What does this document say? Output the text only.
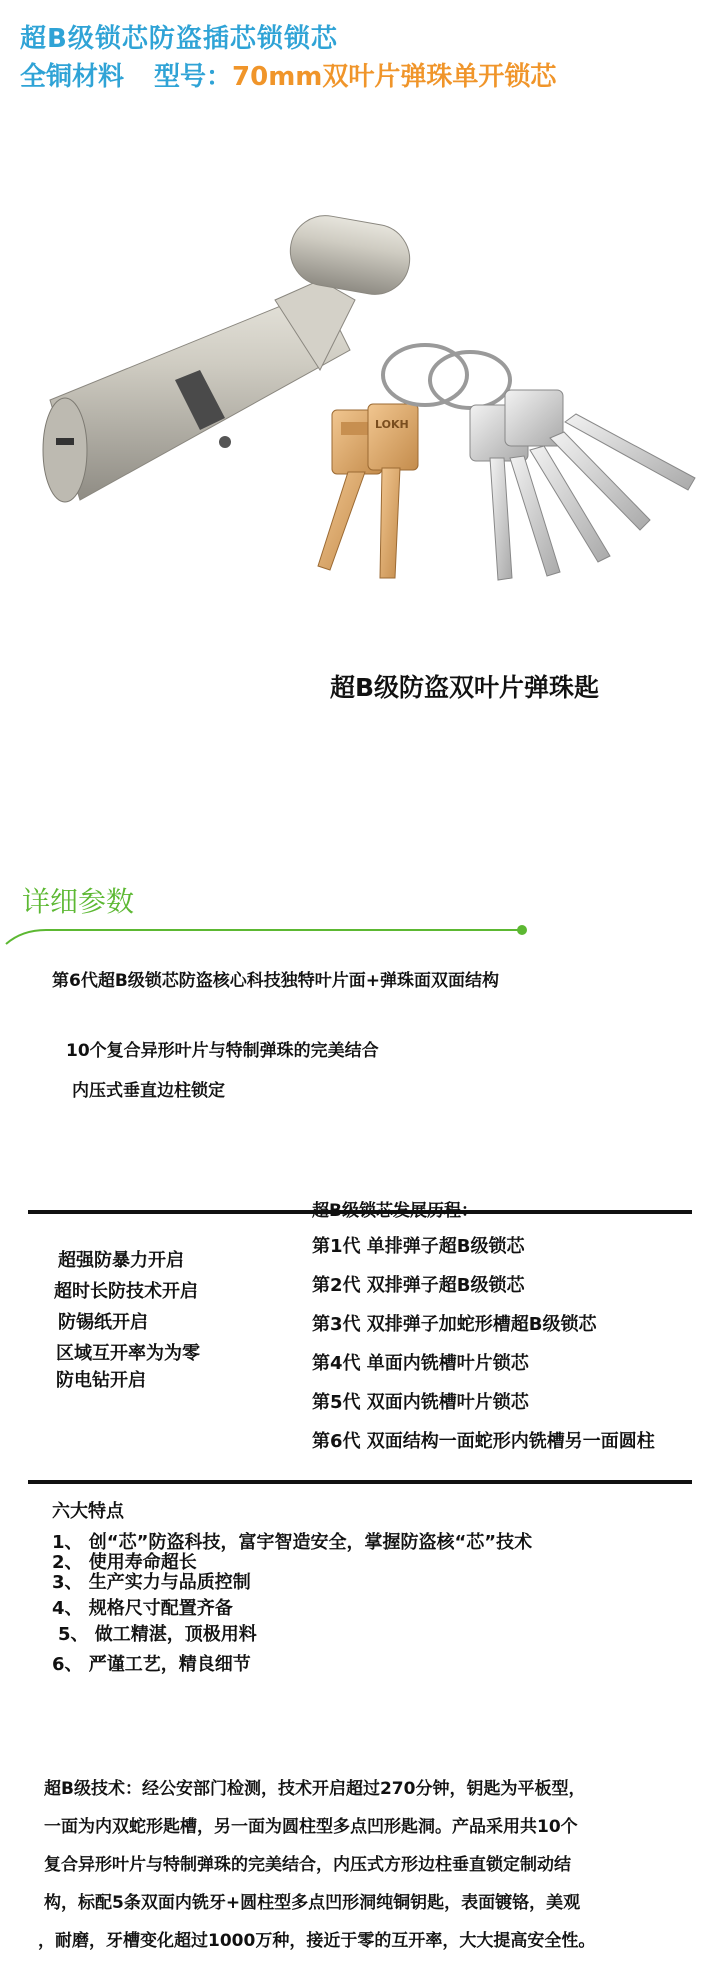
超B级锁芯防盗插芯锁锁芯
全铜材料 型号：70mm双叶片弹珠单开锁芯
LOKH
超B级防盗双叶片弹珠匙
详细参数
第6代超B级锁芯防盗核心科技独特叶片面+弹珠面双面结构
10个复合异形叶片与特制弹珠的完美结合
内压式垂直边柱锁定
超B级锁芯发展历程：
超强防暴力开启
超时长防技术开启
防锡纸开启
区域互开率为为零
防电钻开启
第1代 单排弹子超B级锁芯
第2代 双排弹子超B级锁芯
第3代 双排弹子加蛇形槽超B级锁芯
第4代 单面内铣槽叶片锁芯
第5代 双面内铣槽叶片锁芯
第6代 双面结构一面蛇形内铣槽另一面圆柱
六大特点
1、 创“芯”防盗科技，富宇智造安全，掌握防盗核“芯”技术
2、 使用寿命超长
3、 生产实力与品质控制
4、 规格尺寸配置齐备
5、 做工精湛，顶极用料
6、 严谨工艺，精良细节
超B级技术：经公安部门检测，技术开启超过270分钟，钥匙为平板型，
一面为内双蛇形匙槽，另一面为圆柱型多点凹形匙洞。产品采用共10个
复合异形叶片与特制弹珠的完美结合，内压式方形边柱垂直锁定制动结
构，标配5条双面内铣牙+圆柱型多点凹形洞纯铜钥匙，表面镀铬，美观
，耐磨，牙槽变化超过1000万种，接近于零的互开率，大大提高安全性。
